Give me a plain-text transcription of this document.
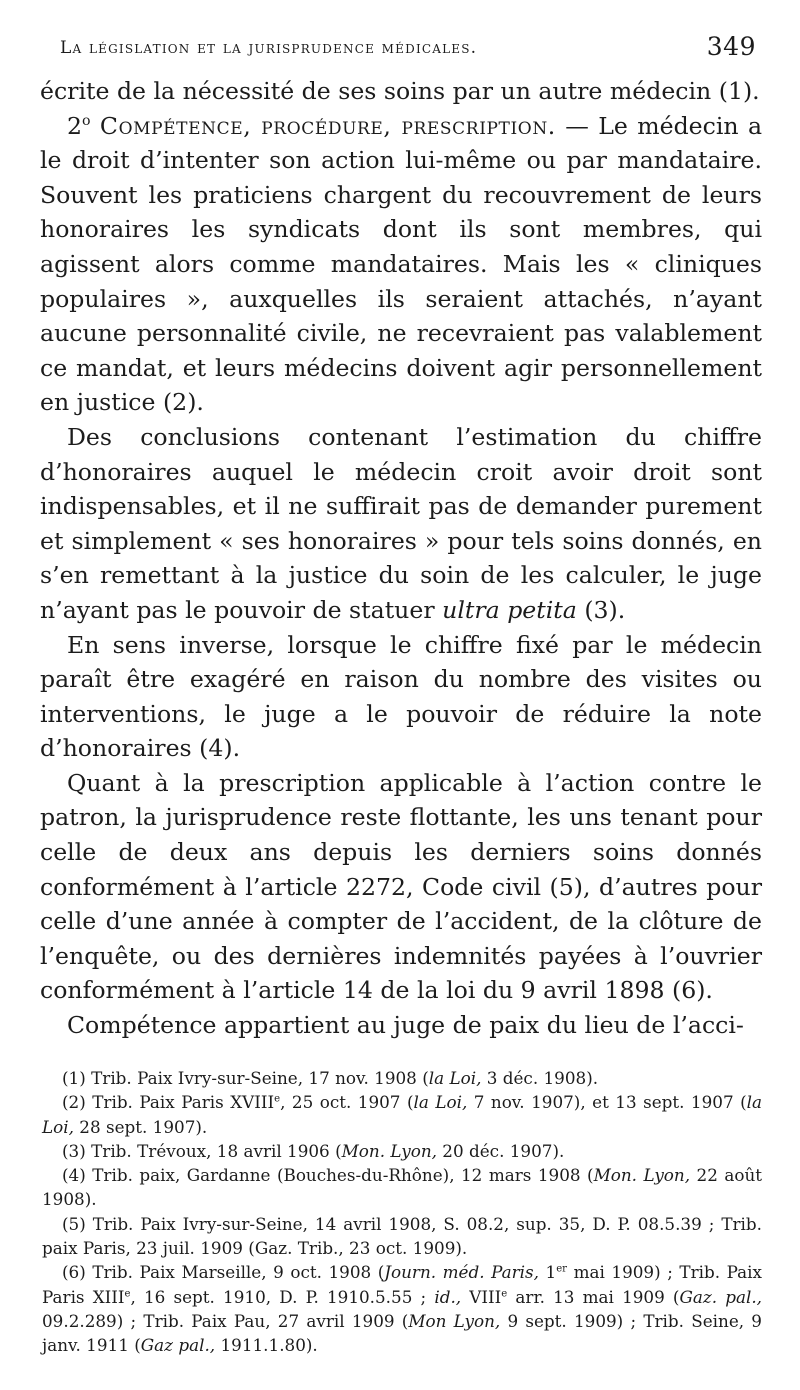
La législation et la jurisprudence médicales.	349

écrite de la nécessité de ses soins par un autre médecin (1).

2$^o$ Compétence, procédure, prescription. — Le médecin a le droit d’intenter son action lui-même ou par mandataire. Souvent les praticiens chargent du recouvrement de leurs honoraires les syndicats dont ils sont membres, qui agissent alors comme mandataires. Mais les « cliniques populaires », auxquelles ils seraient attachés, n’ayant aucune personnalité civile, ne recevraient pas valablement ce mandat, et leurs médecins doivent agir personnellement en justice (2).

Des conclusions contenant l’estimation du chiffre d’honoraires auquel le médecin croit avoir droit sont indispensables, et il ne suffirait pas de demander purement et simplement « ses honoraires » pour tels soins donnés, en s’en remettant à la justice du soin de les calculer, le juge n’ayant pas le pouvoir de statuer ultra petita (3).

En sens inverse, lorsque le chiffre fixé par le médecin paraît être exagéré en raison du nombre des visites ou interventions, le juge a le pouvoir de réduire la note d’honoraires (4).

Quant à la prescription applicable à l’action contre le patron, la jurisprudence reste flottante, les uns tenant pour celle de deux ans depuis les derniers soins donnés conformément à l’article 2272, Code civil (5), d’autres pour celle d’une année à compter de l’accident, de la clôture de l’enquête, ou des dernières indemnités payées à l’ouvrier conformément à l’article 14 de la loi du 9 avril 1898 (6).

Compétence appartient au juge de paix du lieu de l’acci-

(1) Trib. Paix Ivry-sur-Seine, 17 nov. 1908 (la Loi, 3 déc. 1908).

(2) Trib. Paix Paris XVIIIe, 25 oct. 1907 (la Loi, 7 nov. 1907), et 13 sept. 1907 (la Loi, 28 sept. 1907).

(3) Trib. Trévoux, 18 avril 1906 (Mon. Lyon, 20 déc. 1907).

(4) Trib. paix, Gardanne (Bouches-du-Rhône), 12 mars 1908 (Mon. Lyon, 22 août 1908).

(5) Trib. Paix Ivry-sur-Seine, 14 avril 1908, S. 08.2, sup. 35, D. P. 08.5.39 ; Trib. paix Paris, 23 juil. 1909 (Gaz. Trib., 23 oct. 1909).

(6) Trib. Paix Marseille, 9 oct. 1908 (Journ. méd. Paris, 1er mai 1909) ; Trib. Paix Paris XIIIe, 16 sept. 1910, D. P. 1910.5.55 ; id., VIIIe arr. 13 mai 1909 (Gaz. pal., 09.2.289) ; Trib. Paix Pau, 27 avril 1909 (Mon Lyon, 9 sept. 1909) ; Trib. Seine, 9 janv. 1911 (Gaz pal., 1911.1.80).
